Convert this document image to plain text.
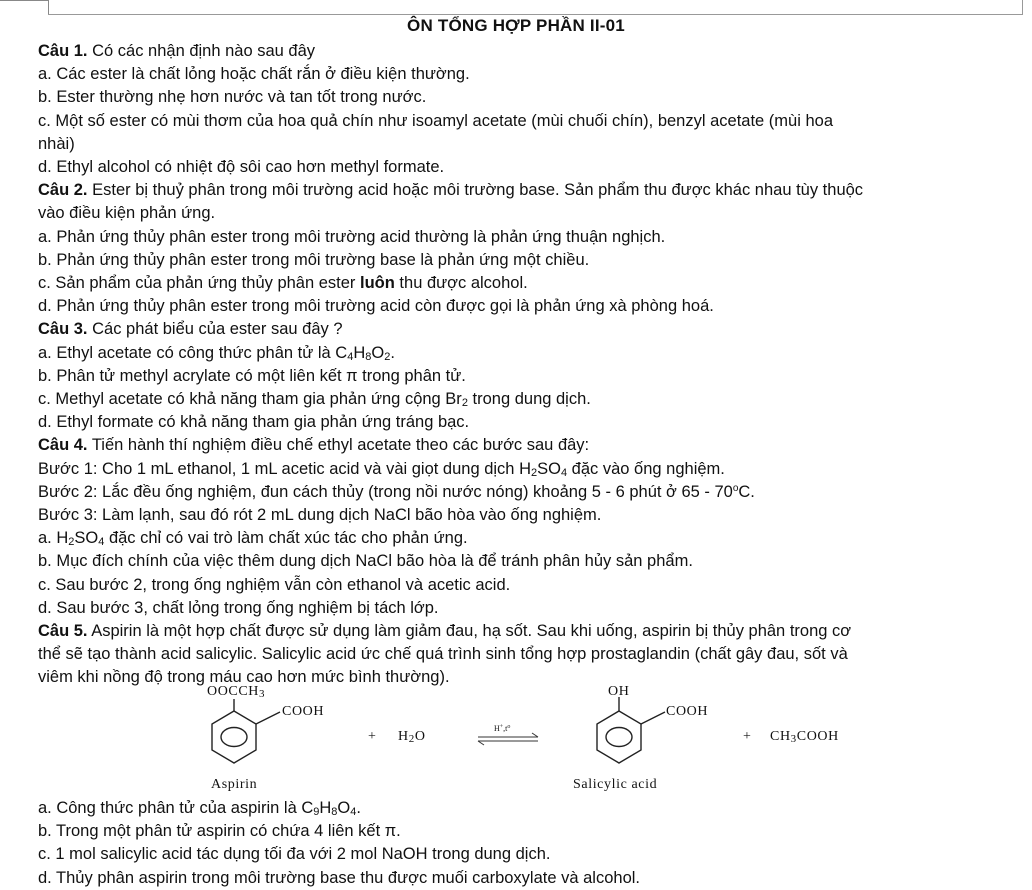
ÔN TỔNG HỢP PHẦN II-01
Câu 1. Có các nhận định nào sau đây
a. Các ester là chất lỏng hoặc chất rắn ở điều kiện thường.
b. Ester thường nhẹ hơn nước và tan tốt trong nước.
c. Một số ester có mùi thơm của hoa quả chín như isoamyl acetate (mùi chuối chín), benzyl acetate (mùi hoa
nhài)
d. Ethyl alcohol có nhiệt độ sôi cao hơn methyl formate.
Câu 2. Ester bị thuỷ phân trong môi trường acid hoặc môi trường base. Sản phẩm thu được khác nhau tùy thuộc
vào điều kiện phản ứng.
a. Phản ứng thủy phân ester trong môi trường acid thường là phản ứng thuận nghịch.
b. Phản ứng thủy phân ester trong môi trường base là phản ứng một chiều.
c. Sản phẩm của phản ứng thủy phân ester luôn thu được alcohol.
d. Phản ứng thủy phân ester trong môi trường acid còn được gọi là phản ứng xà phòng hoá.
Câu 3. Các phát biểu của ester sau đây ?
a. Ethyl acetate có công thức phân tử là $C_4H_8O_2$.
b. Phân tử methyl acrylate có một liên kết π trong phân tử.
c. Methyl acetate có khả năng tham gia phản ứng cộng $Br_2$ trong dung dịch.
d. Ethyl formate có khả năng tham gia phản ứng tráng bạc.
Câu 4. Tiến hành thí nghiệm điều chế ethyl acetate theo các bước sau đây:
Bước 1: Cho 1 mL ethanol, 1 mL acetic acid và vài giọt dung dịch $H_2SO_4$ đặc vào ống nghiệm.
Bước 2: Lắc đều ống nghiệm, đun cách thủy (trong nồi nước nóng) khoảng 5 - 6 phút ở 65 - 70$^o$C.
Bước 3: Làm lạnh, sau đó rót 2 mL dung dịch NaCl bão hòa vào ống nghiệm.
a. $H_2SO_4$ đặc chỉ có vai trò làm chất xúc tác cho phản ứng.
b. Mục đích chính của việc thêm dung dịch NaCl bão hòa là để tránh phân hủy sản phẩm.
c. Sau bước 2, trong ống nghiệm vẫn còn ethanol và acetic acid.
d. Sau bước 3, chất lỏng trong ống nghiệm bị tách lớp.
Câu 5. Aspirin là một hợp chất được sử dụng làm giảm đau, hạ sốt. Sau khi uống, aspirin bị thủy phân trong cơ
thể sẽ tạo thành acid salicylic. Salicylic acid ức chế quá trình sinh tổng hợp prostaglandin (chất gây đau, sốt và
viêm khi nồng độ trong máu cao hơn mức bình thường).
$OOCCH_3$
COOH
+ $H_2O$
$H^+,t^o$
OH
COOH
+ $CH_3COOH$
Aspirin	Salicylic acid
a. Công thức phân tử của aspirin là $C_9H_8O_4$.
b. Trong một phân tử aspirin có chứa 4 liên kết π.
c. 1 mol salicylic acid tác dụng tối đa với 2 mol NaOH trong dung dịch.
d. Thủy phân aspirin trong môi trường base thu được muối carboxylate và alcohol.
